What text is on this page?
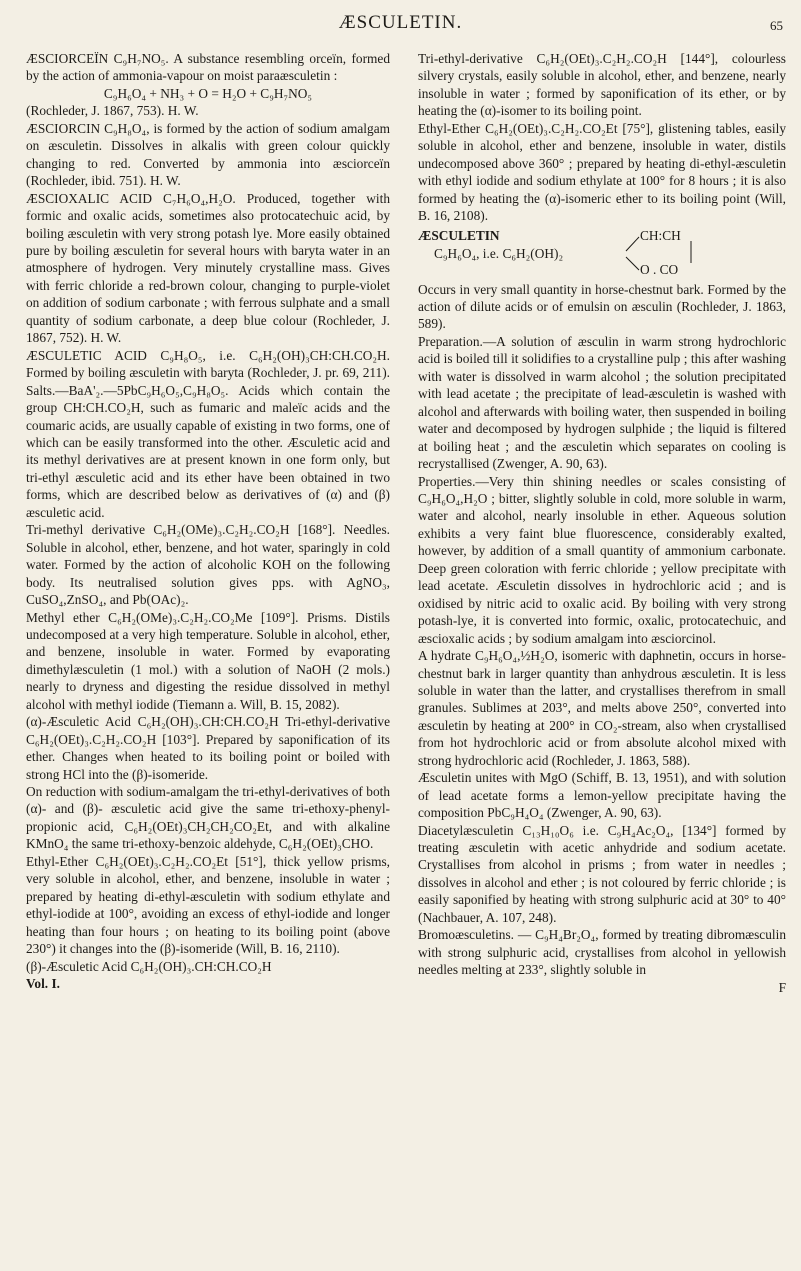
ÆSCULETIN.	65

ÆSCIORCEÏN C₉H₇NO₅. A substance resembling orceïn, formed by the action of ammonia-vapour on moist paraæsculetin :

C₉H₆O₄ + NH₃ + O = H₂O + C₉H₇NO₅

(Rochleder, J. 1867, 753). H. W.

ÆSCIORCIN C₉H₈O₄, is formed by the action of sodium amalgam on æsculetin. Dissolves in alkalis with green colour quickly changing to red. Converted by ammonia into æsciorceïn (Rochleder, ibid. 751). H. W.

ÆSCIOXALIC ACID C₇H₆O₄,H₂O. Produced, together with formic and oxalic acids, sometimes also protocatechuic acid, by boiling æsculetin with very strong potash lye. More easily obtained pure by boiling æsculetin for several hours with baryta water in an atmosphere of hydrogen. Very minutely crystalline mass. Gives with ferric chloride a red-brown colour, changing to purple-violet on addition of sodium carbonate ; with ferrous sulphate and a small quantity of sodium carbonate, a deep blue colour (Rochleder, J. 1867, 752). H. W.

ÆSCULETIC ACID C₉H₈O₅, i.e. C₆H₂(OH)₃CH:CH.CO₂H. Formed by boiling æsculetin with baryta (Rochleder, J. pr. 69, 211). Salts.—BaA'₂.—5PbC₉H₆O₅,C₉H₈O₅. Acids which contain the group CH:CH.CO₂H, such as fumaric and maleïc acids and the coumaric acids, are usually capable of existing in two forms, one of which can be easily transformed into the other. Æsculetic acid and its methyl derivatives are at present known in one form only, but tri-ethyl æsculetic acid and its ether have been obtained in two forms, which are described below as derivatives of (α) and (β) æsculetic acid.

Tri-methyl derivative C₆H₂(OMe)₃.C₂H₂.CO₂H [168°]. Needles. Soluble in alcohol, ether, benzene, and hot water, sparingly in cold water. Formed by the action of alcoholic KOH on the following body. Its neutralised solution gives pps. with AgNO₃, CuSO₄,ZnSO₄, and Pb(OAc)₂.

Methyl ether C₆H₂(OMe)₃.C₂H₂.CO₂Me [109°]. Prisms. Distils undecomposed at a very high temperature. Soluble in alcohol, ether, and benzene, insoluble in water. Formed by evaporating dimethylæsculetin (1 mol.) with a solution of NaOH (2 mols.) nearly to dryness and digesting the residue dissolved in methyl alcohol with methyl iodide (Tiemann a. Will, B. 15, 2082).

(α)-Æsculetic Acid C₆H₂(OH)₃.CH:CH.CO₂H Tri-ethyl-derivative C₆H₂(OEt)₃.C₂H₂.CO₂H [103°]. Prepared by saponification of its ether. Changes when heated to its boiling point or boiled with strong HCl into the (β)-isomeride.

On reduction with sodium-amalgam the tri-ethyl-derivatives of both (α)- and (β)- æsculetic acid give the same tri-ethoxy-phenyl-propionic acid, C₆H₂(OEt)₃CH₂CH₂CO₂Et, and with alkaline KMnO₄ the same tri-ethoxy-benzoic aldehyde, C₆H₂(OEt)₃CHO.

Ethyl-Ether C₆H₂(OEt)₃.C₂H₂.CO₂Et [51°], thick yellow prisms, very soluble in alcohol, ether, and benzene, insoluble in water ; prepared by heating di-ethyl-æsculetin with sodium ethylate and ethyl-iodide at 100°, avoiding an excess of ethyl-iodide and longer heating than four hours ; on heating to its boiling point (above 230°) it changes into the (β)-isomeride (Will, B. 16, 2110).

(β)-Æsculetic Acid C₆H₂(OH)₃.CH:CH.CO₂H

Vol. I.

Tri-ethyl-derivative C₆H₂(OEt)₃.C₂H₂.CO₂H [144°], colourless silvery crystals, easily soluble in alcohol, ether, and benzene, nearly insoluble in water ; formed by saponification of its ether, or by heating the (α)-isomer to its boiling point.

Ethyl-Ether C₆H₂(OEt)₃.C₂H₂.CO₂Et [75°], glistening tables, easily soluble in alcohol, ether and benzene, insoluble in water, distils undecomposed above 360° ; prepared by heating di-ethyl-æsculetin with ethyl iodide and sodium ethylate at 100° for 8 hours ; it is also formed by heating the (α)-isomeric ether to its boiling point (Will, B. 16, 2108).

ÆSCULETIN
C₉H₆O₄, i.e. C₆H₂(OH)₂
CH:CH
O . CO

Occurs in very small quantity in horse-chestnut bark. Formed by the action of dilute acids or of emulsin on æsculin (Rochleder, J. 1863, 589).

Preparation.—A solution of æsculin in warm strong hydrochloric acid is boiled till it solidifies to a crystalline pulp ; this after washing with water is dissolved in warm alcohol ; the solution precipitated with lead acetate ; the precipitate of lead-æsculetin is washed with alcohol and afterwards with boiling water, then suspended in boiling water and decomposed by hydrogen sulphide ; the liquid is filtered at boiling heat ; and the æsculetin which separates on cooling is recrystallised (Zwenger, A. 90, 63).

Properties.—Very thin shining needles or scales consisting of C₉H₆O₄,H₂O ; bitter, slightly soluble in cold, more soluble in warm, water and alcohol, nearly insoluble in ether. Aqueous solution exhibits a very faint blue fluorescence, considerably exalted, however, by addition of a small quantity of ammonium carbonate. Deep green coloration with ferric chloride ; yellow precipitate with lead acetate. Æsculetin dissolves in hydrochloric acid ; and is oxidised by nitric acid to oxalic acid. By boiling with very strong potash-lye, it is converted into formic, oxalic, protocatechuic, and æscioxalic acids ; by sodium amalgam into æsciorcinol.

A hydrate C₉H₆O₄,½H₂O, isomeric with daphnetin, occurs in horse-chestnut bark in larger quantity than anhydrous æsculetin. It is less soluble in water than the latter, and crystallises therefrom in small granules. Sublimes at 203°, and melts above 250°, converted into æsculetin by heating at 200° in CO₂-stream, also when crystallised from hot hydrochloric acid or from absolute alcohol mixed with strong hydrochloric acid (Rochleder, J. 1863, 588).

Æsculetin unites with MgO (Schiff, B. 13, 1951), and with solution of lead acetate forms a lemon-yellow precipitate having the composition PbC₉H₄O₄ (Zwenger, A. 90, 63).

Diacetylæsculetin C₁₃H₁₀O₆ i.e. C₉H₄Ac₂O₄, [134°] formed by treating æsculetin with acetic anhydride and sodium acetate. Crystallises from alcohol in prisms ; from water in needles ; dissolves in alcohol and ether ; is not coloured by ferric chloride ; is easily saponified by heating with strong sulphuric acid at 30° to 40° (Nachbauer, A. 107, 248).

Bromoæsculetins. — C₉H₄Br₂O₄, formed by treating dibromæsculin with strong sulphuric acid, crystallises from alcohol in yellowish needles melting at 233°, slightly soluble in

F
